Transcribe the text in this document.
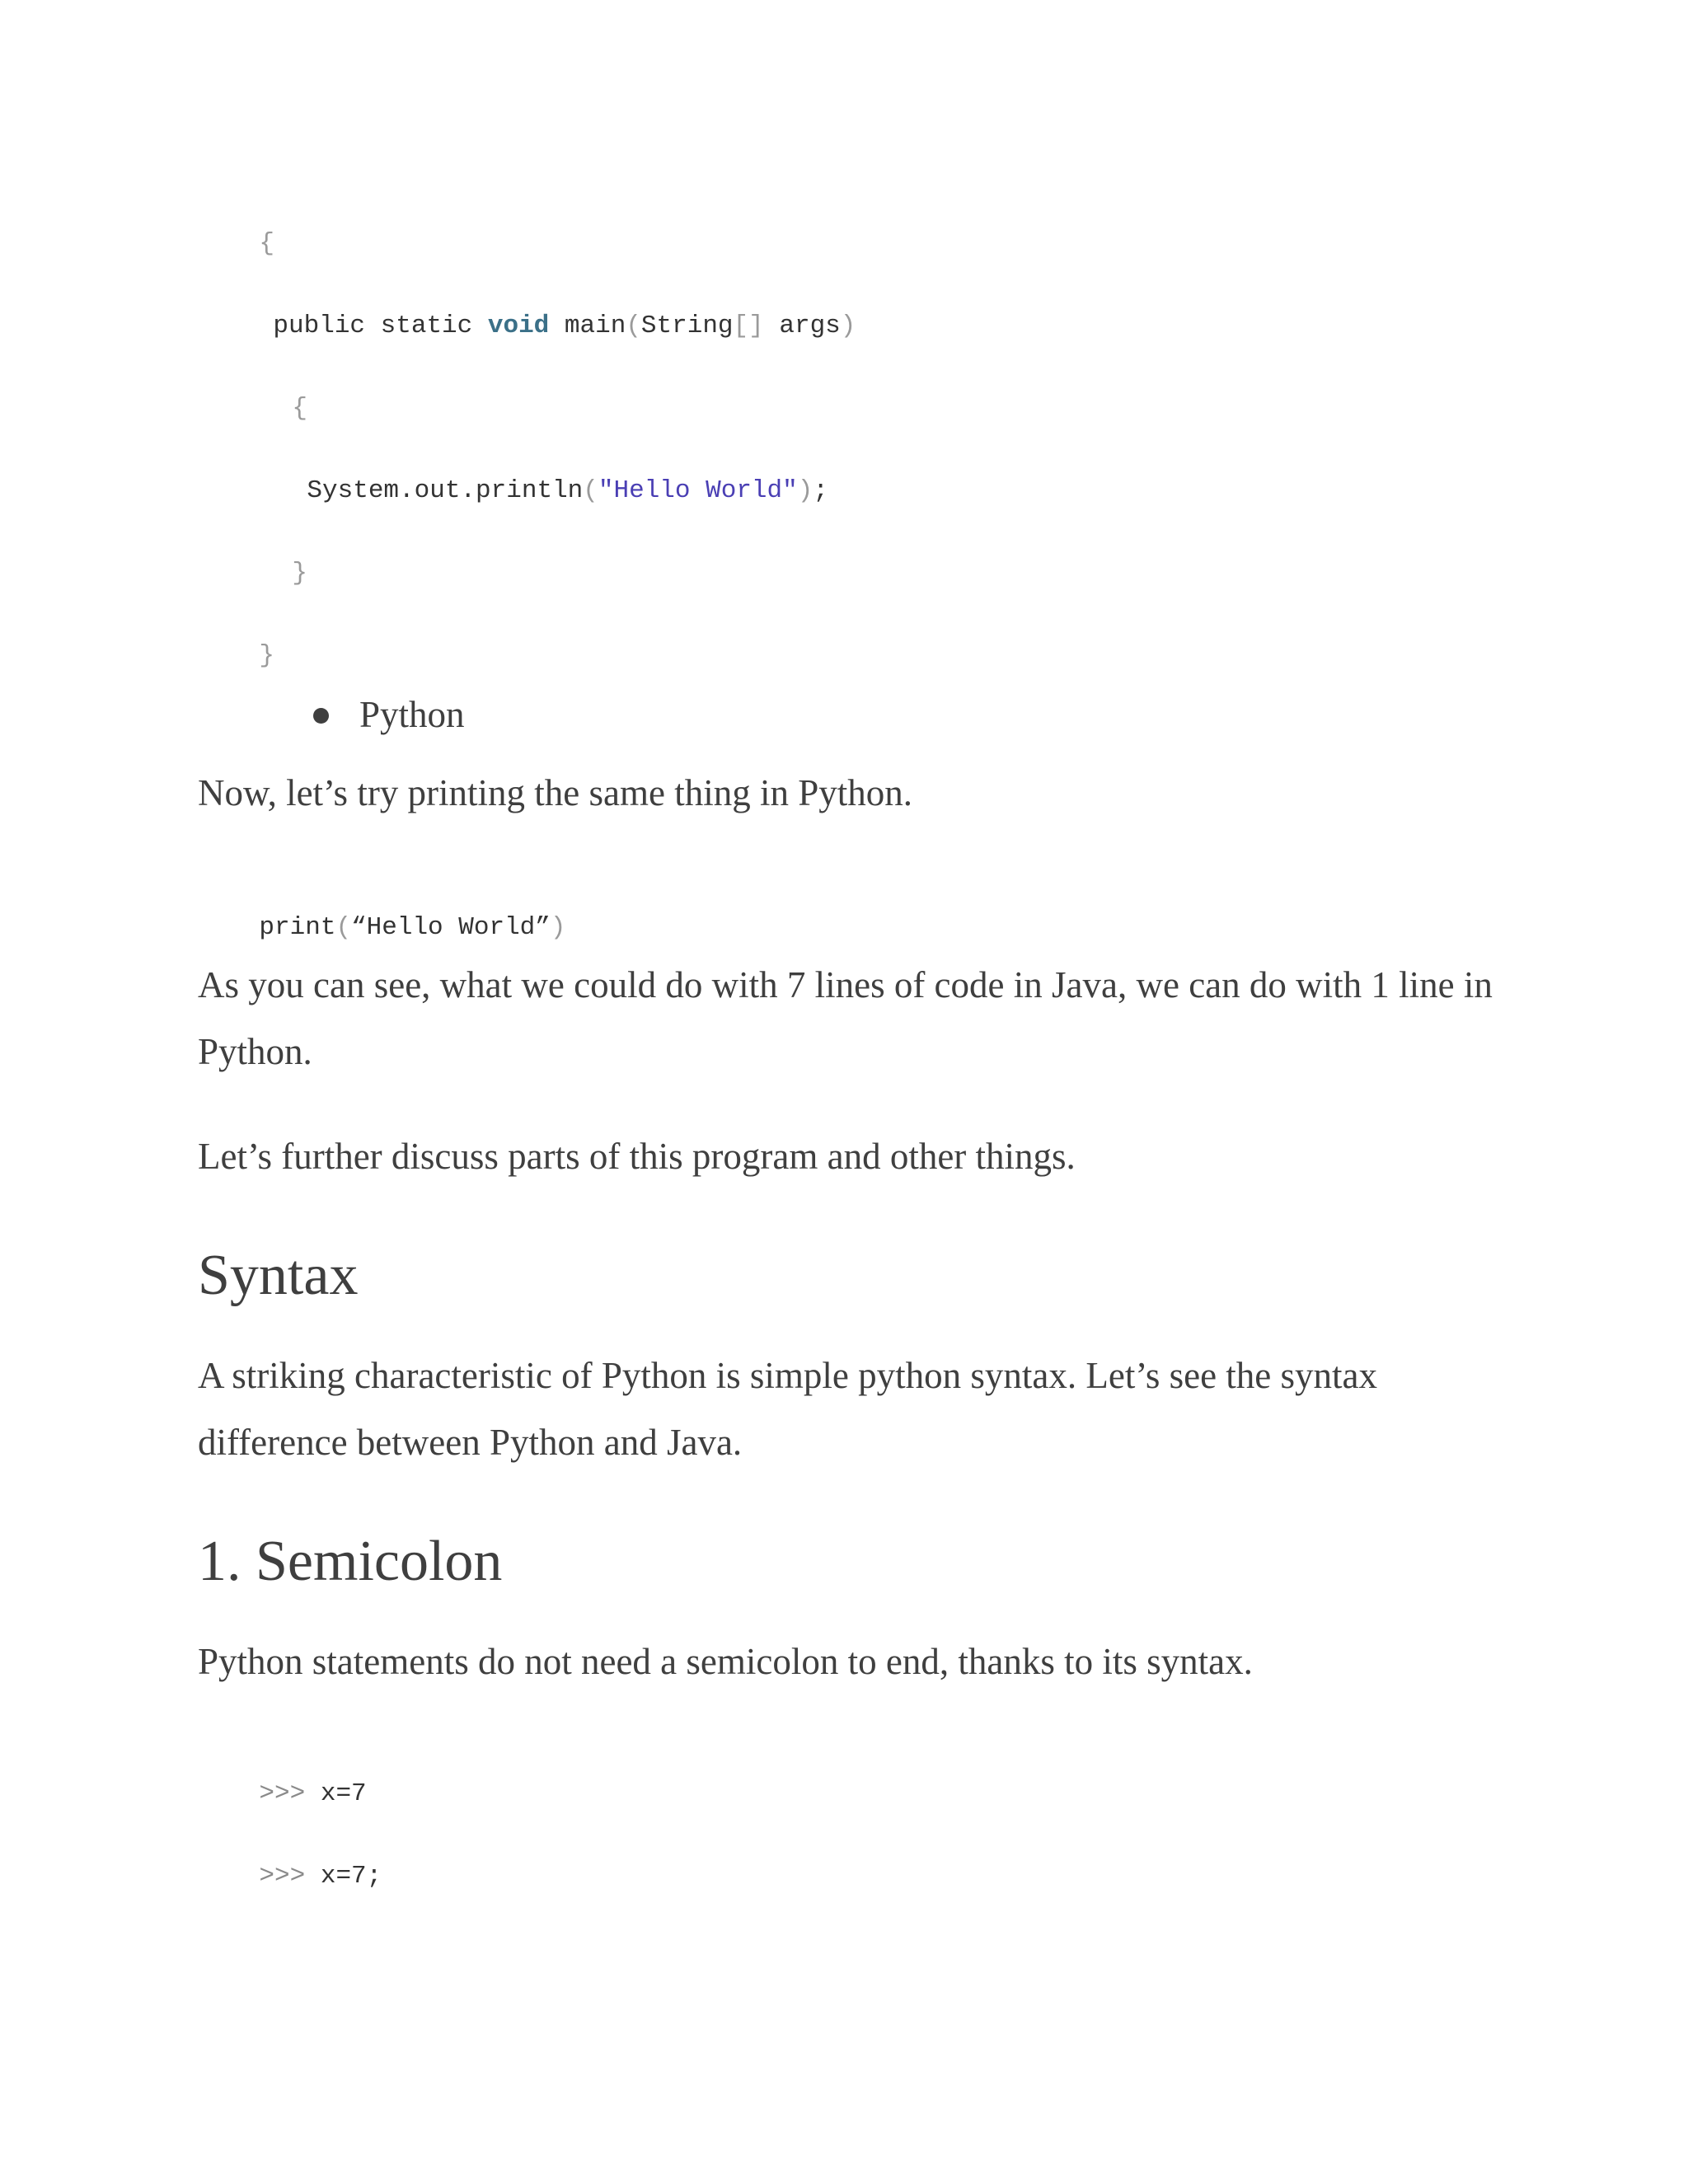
{

public static void main(String[] args)

{

System.out.println("Hello World");

}

}

Python
Now, let’s try printing the same thing in Python.

print(“Hello World”)

As you can see, what we could do with 7 lines of code in Java, we can do with 1 line in Python.
Let’s further discuss parts of this program and other things.
Syntax
A striking characteristic of Python is simple python syntax. Let’s see the syntax difference between Python and Java.
1. Semicolon
Python statements do not need a semicolon to end, thanks to its syntax.

>>> x=7

>>> x=7;
